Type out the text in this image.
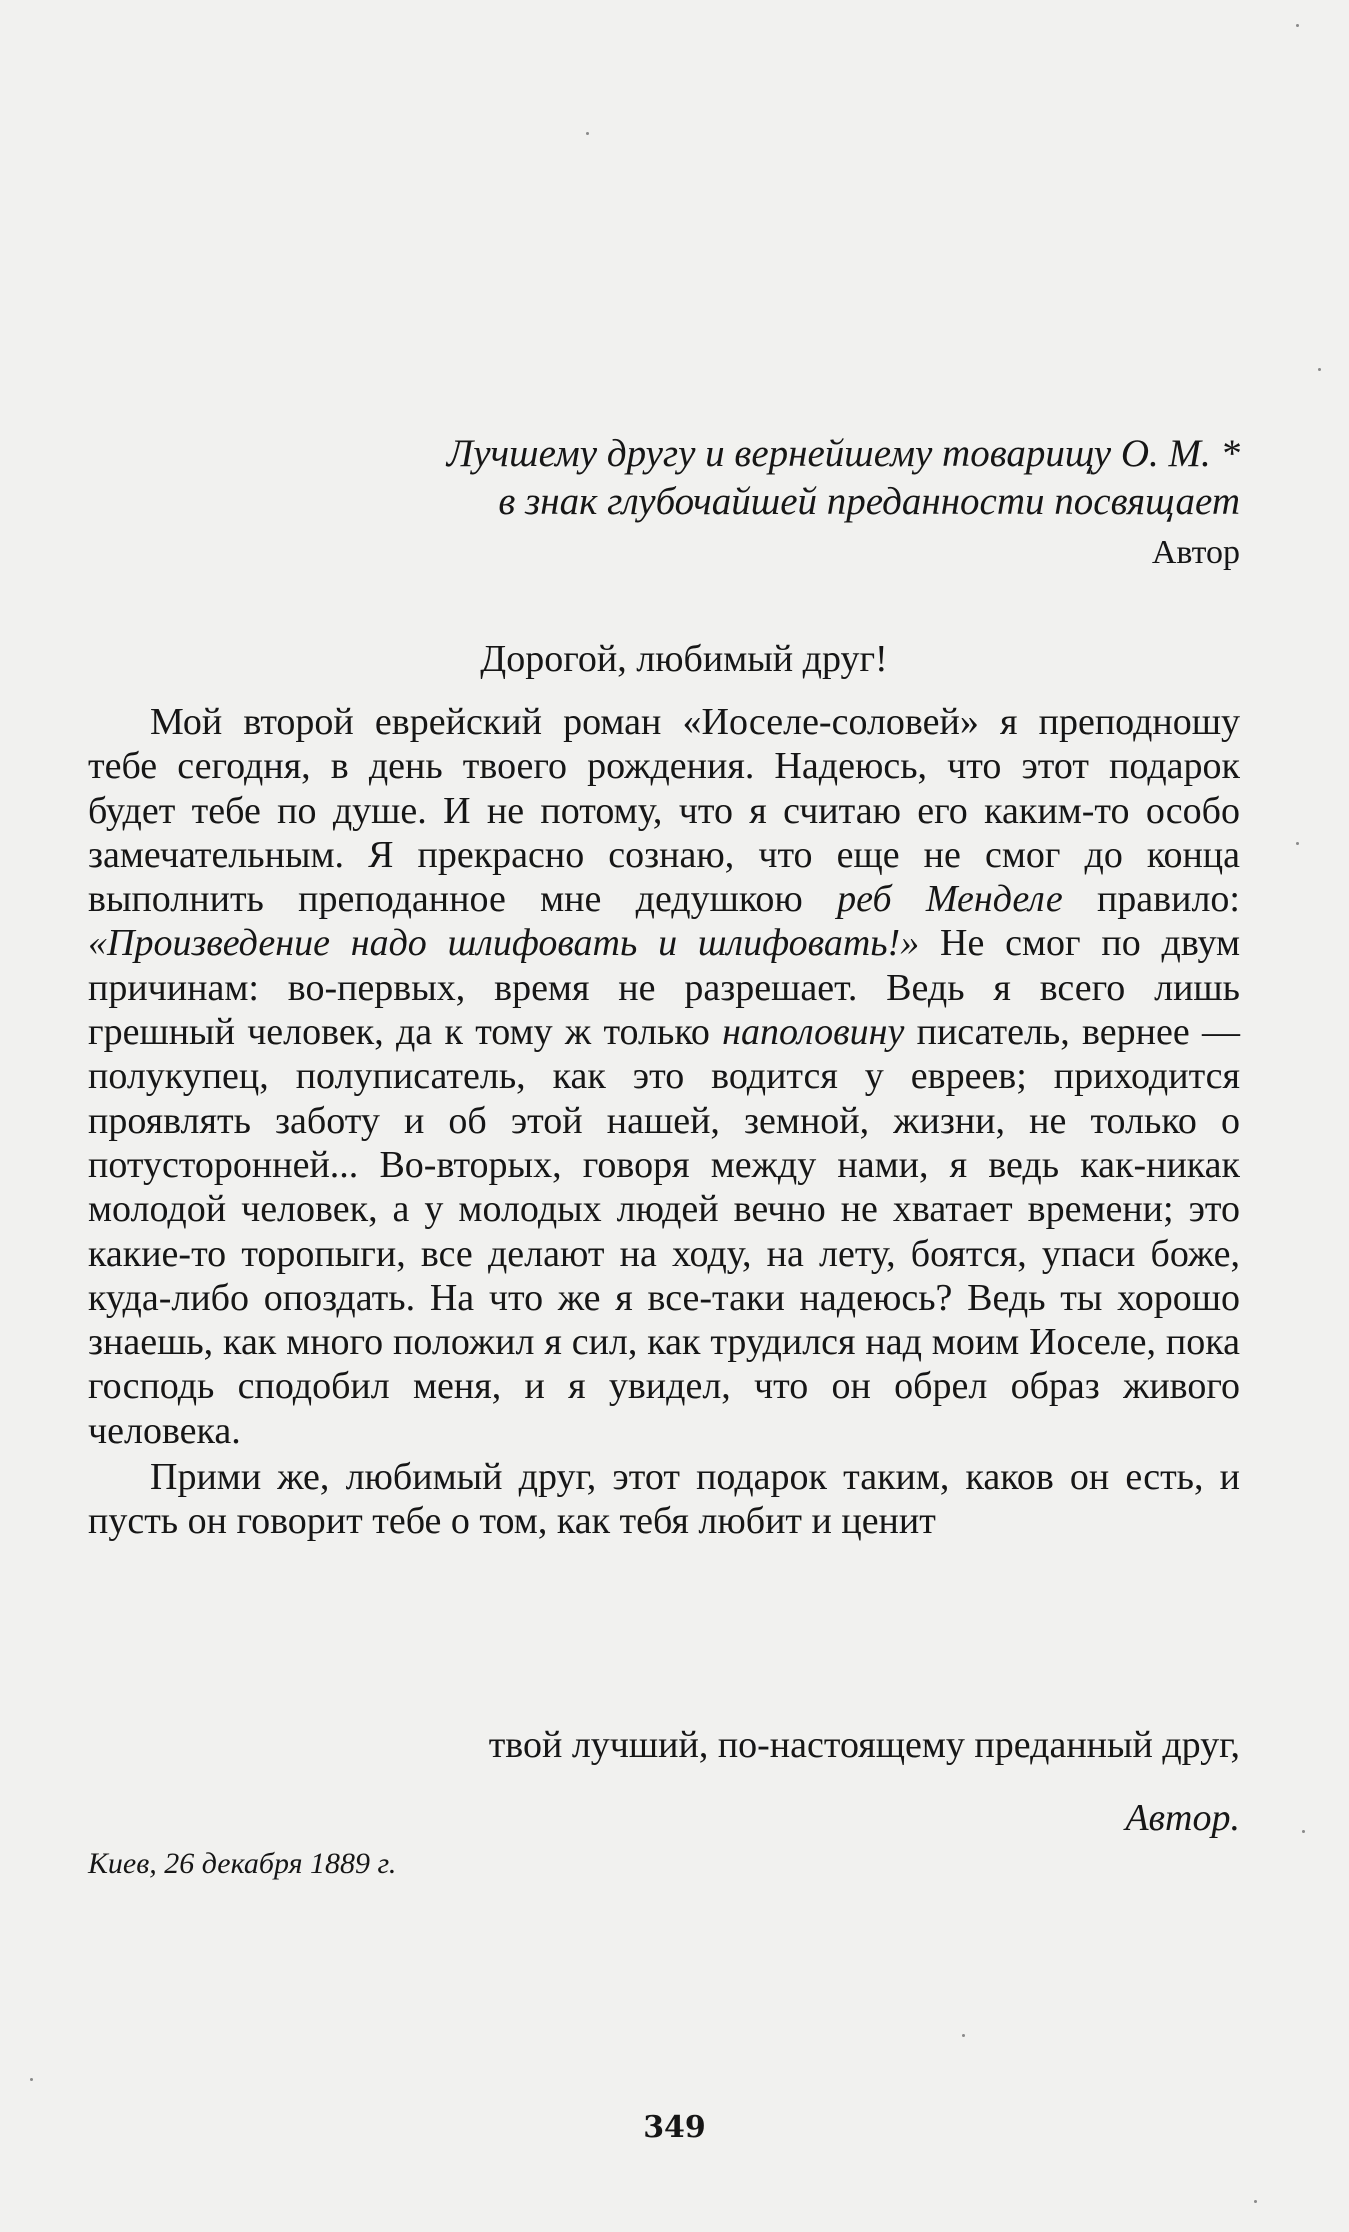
Лучшему другу и вернейшему товарищу О. М. *
в знак глубочайшей преданности посвящает
Автор
Дорогой, любимый друг!

Мой второй еврейский роман «Иоселе-соловей» я преподношу тебе сегодня, в день твоего рождения. Надеюсь, что этот подарок будет тебе по душе. И не потому, что я считаю его каким-то особо замечательным. Я прекрасно сознаю, что еще не смог до конца выполнить преподанное мне дедушкою реб Менделе правило: «Произведение надо шлифовать и шлифовать!» Не смог по двум причинам: во-первых, время не разрешает. Ведь я всего лишь грешный человек, да к тому ж только наполовину писатель, вернее — полукупец, полуписатель, как это водится у евреев; приходится проявлять заботу и об этой нашей, земной, жизни, не только о потусторонней... Во-вторых, говоря между нами, я ведь как-никак молодой человек, а у молодых людей вечно не хватает времени; это какие-то торопыги, все делают на ходу, на лету, боятся, упаси боже, куда-либо опоздать. На что же я все-таки надеюсь? Ведь ты хорошо знаешь, как много положил я сил, как трудился над моим Иоселе, пока господь сподобил меня, и я увидел, что он обрел образ живого человека.

Прими же, любимый друг, этот подарок таким, каков он есть, и пусть он говорит тебе о том, как тебя любит и ценит

твой лучший, по-настоящему преданный друг,
Автор.
Киев, 26 декабря 1889 г.
349
